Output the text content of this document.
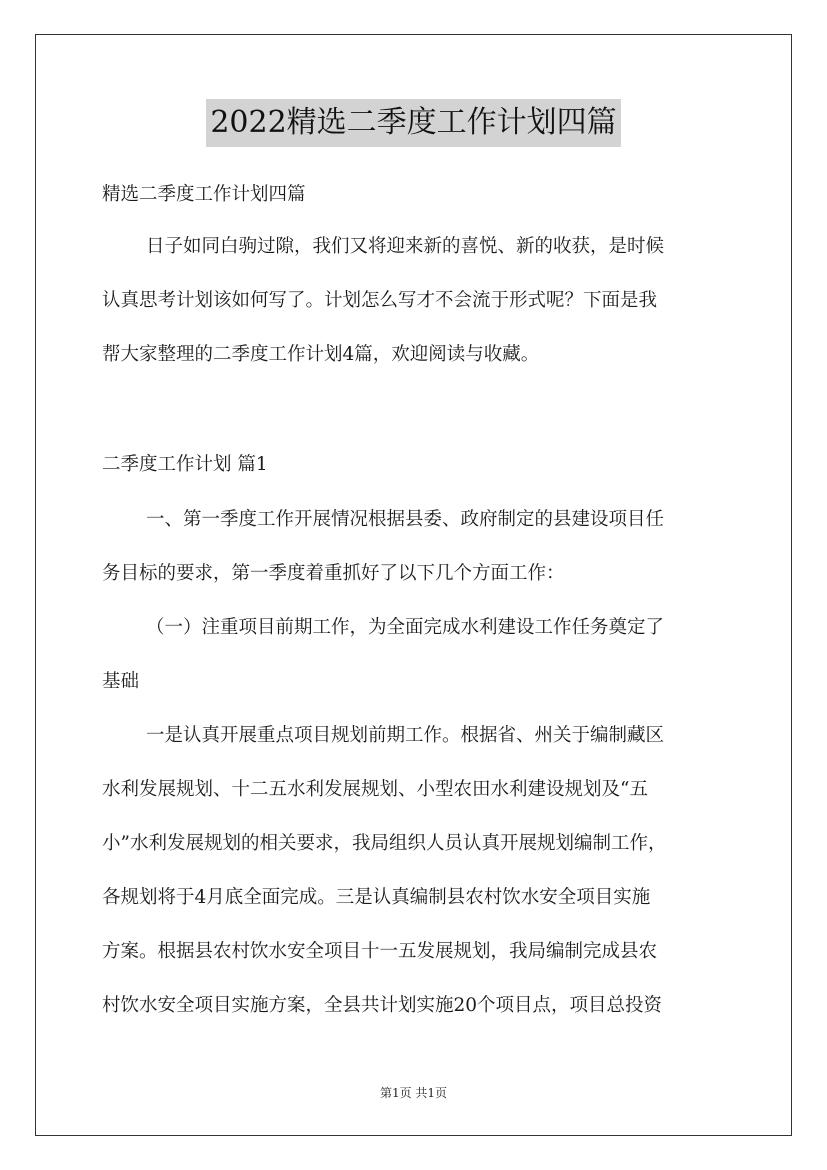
2022精选二季度工作计划四篇
精选二季度工作计划四篇
日子如同白驹过隙，我们又将迎来新的喜悦、新的收获，是时候
认真思考计划该如何写了。计划怎么写才不会流于形式呢？下面是我
帮大家整理的二季度工作计划4篇，欢迎阅读与收藏。
二季度工作计划 篇1
一、第一季度工作开展情况根据县委、政府制定的县建设项目任
务目标的要求，第一季度着重抓好了以下几个方面工作：
（一）注重项目前期工作，为全面完成水利建设工作任务奠定了
基础
一是认真开展重点项目规划前期工作。根据省、州关于编制藏区
水利发展规划、十二五水利发展规划、小型农田水利建设规划及“五
小”水利发展规划的相关要求，我局组织人员认真开展规划编制工作，
各规划将于4月底全面完成。三是认真编制县农村饮水安全项目实施
方案。根据县农村饮水安全项目十一五发展规划，我局编制完成县农
村饮水安全项目实施方案，全县共计划实施20个项目点，项目总投资
第1页 共1页
